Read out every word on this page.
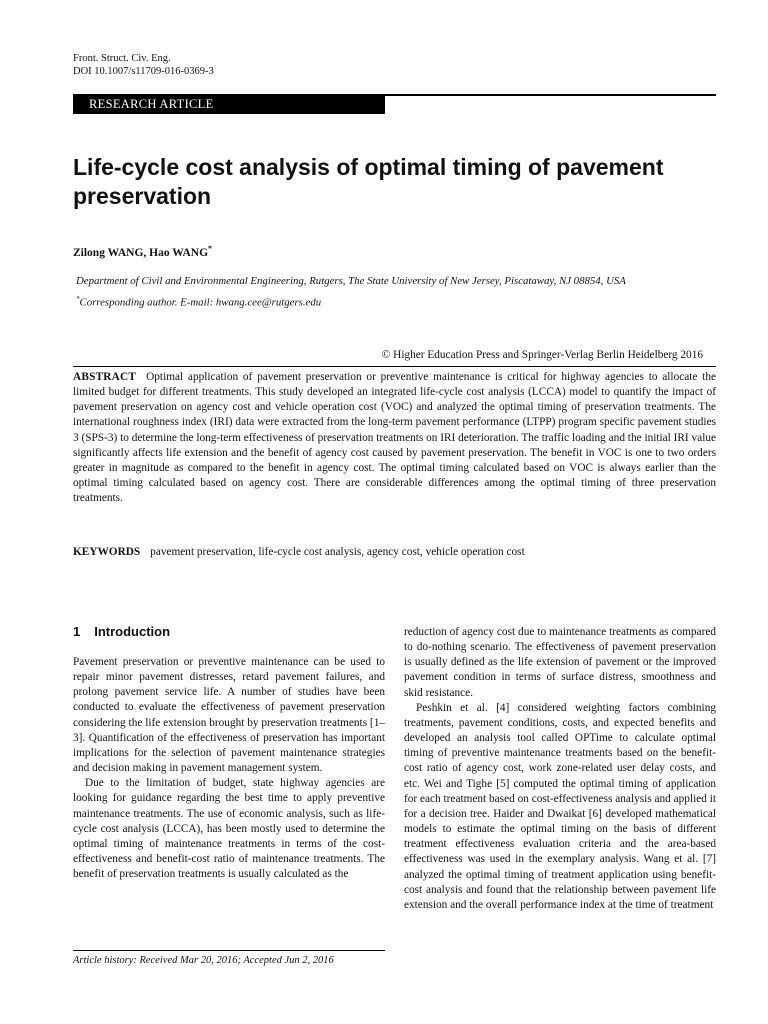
Front. Struct. Civ. Eng.
DOI 10.1007/s11709-016-0369-3
RESEARCH ARTICLE
Life-cycle cost analysis of optimal timing of pavement preservation
Zilong WANG, Hao WANG*
Department of Civil and Environmental Engineering, Rutgers, The State University of New Jersey, Piscataway, NJ 08854, USA
*Corresponding author. E-mail: hwang.cee@rutgers.edu
© Higher Education Press and Springer-Verlag Berlin Heidelberg 2016
ABSTRACT Optimal application of pavement preservation or preventive maintenance is critical for highway agencies to allocate the limited budget for different treatments. This study developed an integrated life-cycle cost analysis (LCCA) model to quantify the impact of pavement preservation on agency cost and vehicle operation cost (VOC) and analyzed the optimal timing of preservation treatments. The international roughness index (IRI) data were extracted from the long-term pavement performance (LTPP) program specific pavement studies 3 (SPS-3) to determine the long-term effectiveness of preservation treatments on IRI deterioration. The traffic loading and the initial IRI value significantly affects life extension and the benefit of agency cost caused by pavement preservation. The benefit in VOC is one to two orders greater in magnitude as compared to the benefit in agency cost. The optimal timing calculated based on VOC is always earlier than the optimal timing calculated based on agency cost. There are considerable differences among the optimal timing of three preservation treatments.
KEYWORDS pavement preservation, life-cycle cost analysis, agency cost, vehicle operation cost
1 Introduction

Pavement preservation or preventive maintenance can be used to repair minor pavement distresses, retard pavement failures, and prolong pavement service life. A number of studies have been conducted to evaluate the effectiveness of pavement preservation considering the life extension brought by preservation treatments [1–3]. Quantification of the effectiveness of preservation has important implications for the selection of pavement maintenance strategies and decision making in pavement management system.

Due to the limitation of budget, state highway agencies are looking for guidance regarding the best time to apply preventive maintenance treatments. The use of economic analysis, such as life-cycle cost analysis (LCCA), has been mostly used to determine the optimal timing of maintenance treatments in terms of the cost-effectiveness and benefit-cost ratio of maintenance treatments. The benefit of preservation treatments is usually calculated as the

reduction of agency cost due to maintenance treatments as compared to do-nothing scenario. The effectiveness of pavement preservation is usually defined as the life extension of pavement or the improved pavement condition in terms of surface distress, smoothness and skid resistance.

Peshkin et al. [4] considered weighting factors combining treatments, pavement conditions, costs, and expected benefits and developed an analysis tool called OPTime to calculate optimal timing of preventive maintenance treatments based on the benefit-cost ratio of agency cost, work zone-related user delay costs, and etc. Wei and Tighe [5] computed the optimal timing of application for each treatment based on cost-effectiveness analysis and applied it for a decision tree. Haider and Dwaikat [6] developed mathematical models to estimate the optimal timing on the basis of different treatment effectiveness evaluation criteria and the area-based effectiveness was used in the exemplary analysis. Wang et al. [7] analyzed the optimal timing of treatment application using benefit-cost analysis and found that the relationship between pavement life extension and the overall performance index at the time of treatment

Article history: Received Mar 20, 2016; Accepted Jun 2, 2016
